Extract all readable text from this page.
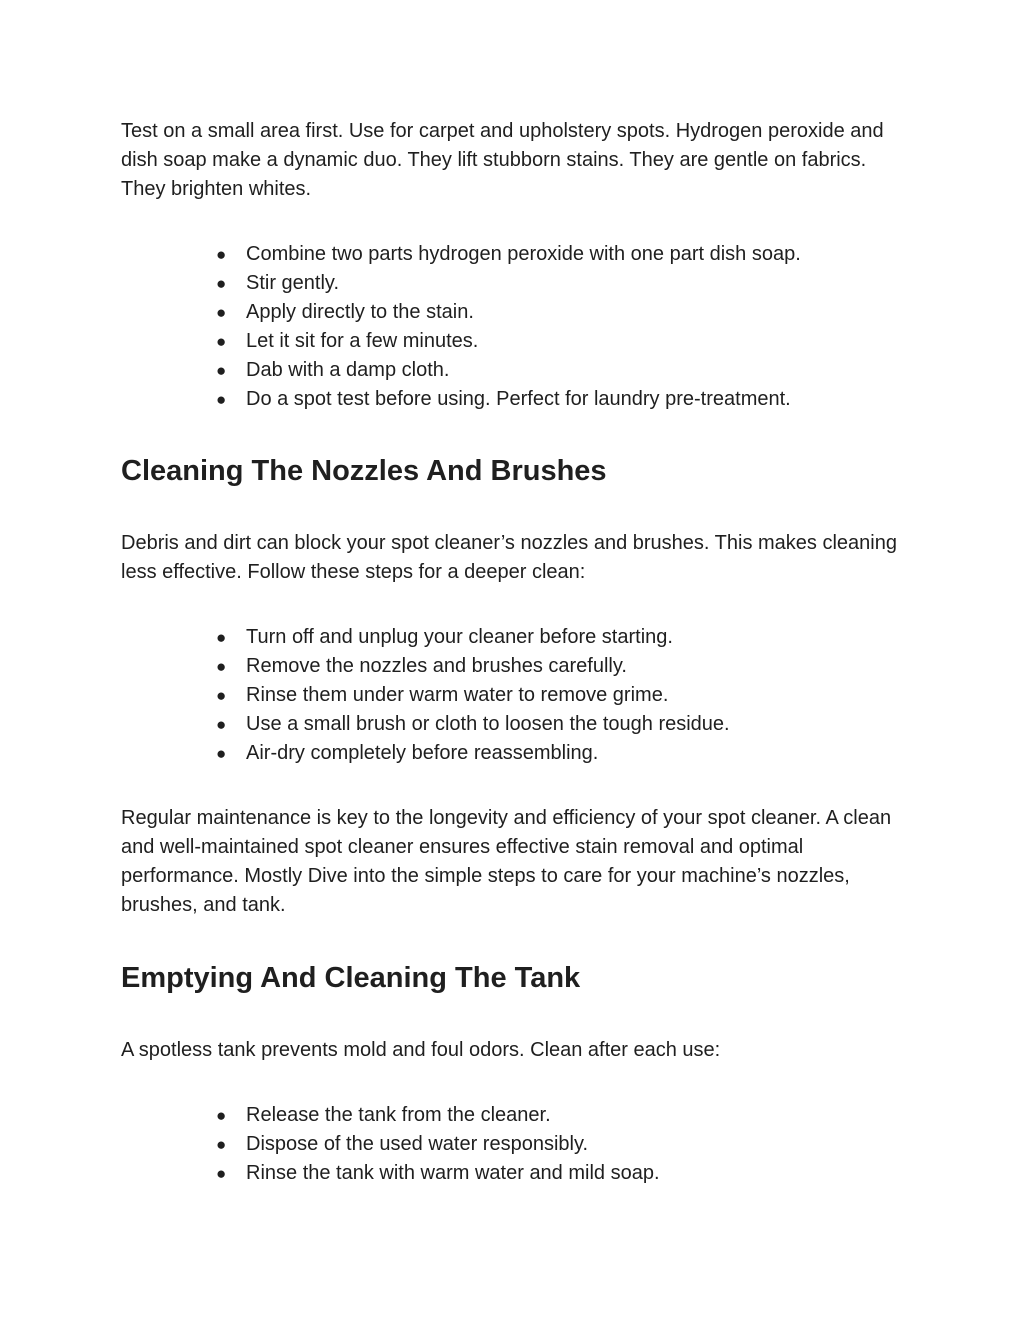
Test on a small area first. Use for carpet and upholstery spots. Hydrogen peroxide and dish soap make a dynamic duo. They lift stubborn stains. They are gentle on fabrics. They brighten whites.

● Combine two parts hydrogen peroxide with one part dish soap.
● Stir gently.
● Apply directly to the stain.
● Let it sit for a few minutes.
● Dab with a damp cloth.
● Do a spot test before using. Perfect for laundry pre-treatment.
Cleaning The Nozzles And Brushes

Debris and dirt can block your spot cleaner’s nozzles and brushes. This makes cleaning less effective. Follow these steps for a deeper clean:

● Turn off and unplug your cleaner before starting.
● Remove the nozzles and brushes carefully.
● Rinse them under warm water to remove grime.
● Use a small brush or cloth to loosen the tough residue.
● Air-dry completely before reassembling.

Regular maintenance is key to the longevity and efficiency of your spot cleaner. A clean and well-maintained spot cleaner ensures effective stain removal and optimal performance. Mostly Dive into the simple steps to care for your machine’s nozzles, brushes, and tank.

Emptying And Cleaning The Tank

A spotless tank prevents mold and foul odors. Clean after each use:

● Release the tank from the cleaner.
● Dispose of the used water responsibly.
● Rinse the tank with warm water and mild soap.
